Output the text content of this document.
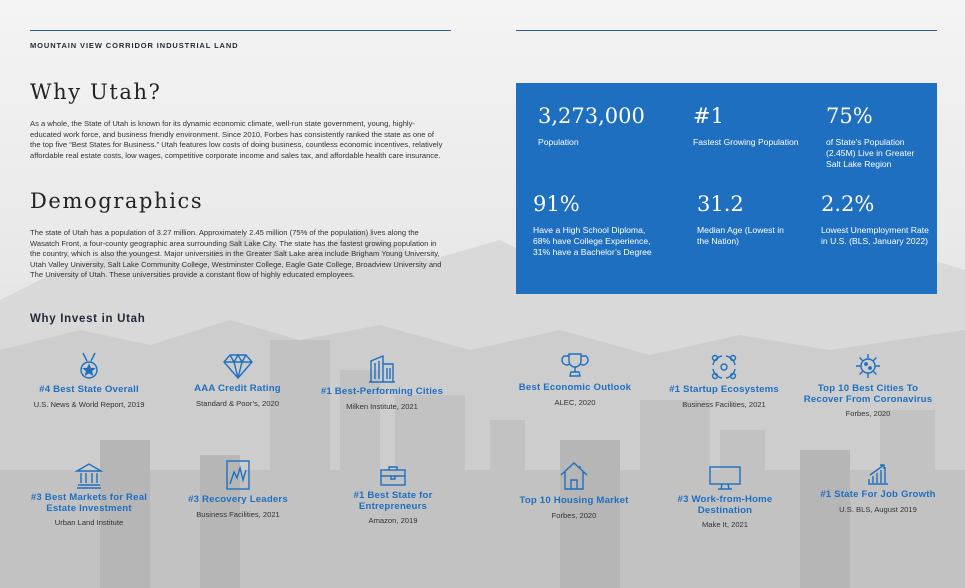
MOUNTAIN VIEW CORRIDOR INDUSTRIAL LAND
Why Utah?

As a whole, the State of Utah is known for its dynamic economic climate, well-run state government, young, highly-educated work force, and business friendly environment. Since 2010, Forbes has consistently ranked the state as one of the top five “Best States for Business.” Utah features low costs of doing business, countless economic incentives, relatively affordable real estate costs, low wages, competitive corporate income and sales tax, and affordable health care insurance.

Demographics

The state of Utah has a population of 3.27 million. Approximately 2.45 million (75% of the population) lives along the Wasatch Front, a four-county geographic area surrounding Salt Lake City. The state has the fastest growing population in the country, which is also the youngest. Major universities in the Greater Salt Lake area include Brigham Young University, Utah Valley University, Salt Lake Community College, Westminster College, Eagle Gate College, Broadview University and The University of Utah. These universities provide a constant flow of highly educated employees.

Why Invest in Utah
3,273,000
Population
#1
Fastest Growing Population
75%
of State's Population (2.45M) Live in Greater Salt Lake Region
91%
Have a High School Diploma, 68% have College Experience, 31% have a Bachelor’s Degree
31.2
Median Age (Lowest in the Nation)
2.2%
Lowest Unemployment Rate in U.S. (BLS, January 2022)
#4 Best State Overall
U.S. News & World Report, 2019
AAA Credit Rating
Standard & Poor’s, 2020
#1 Best-Performing Cities
Milken Institute, 2021
Best Economic Outlook
ALEC, 2020
#1 Startup Ecosystems
Business Facilities, 2021
Top 10 Best Cities To Recover From Coronavirus
Forbes, 2020
#3 Best Markets for Real Estate Investment
Urban Land Institute
#3 Recovery Leaders
Business Facilities, 2021
#1 Best State for Entrepreneurs
Amazon, 2019
Top 10 Housing Market
Forbes, 2020
#3 Work-from-Home Destination
Make It, 2021
#1 State For Job Growth
U.S. BLS, August 2019
